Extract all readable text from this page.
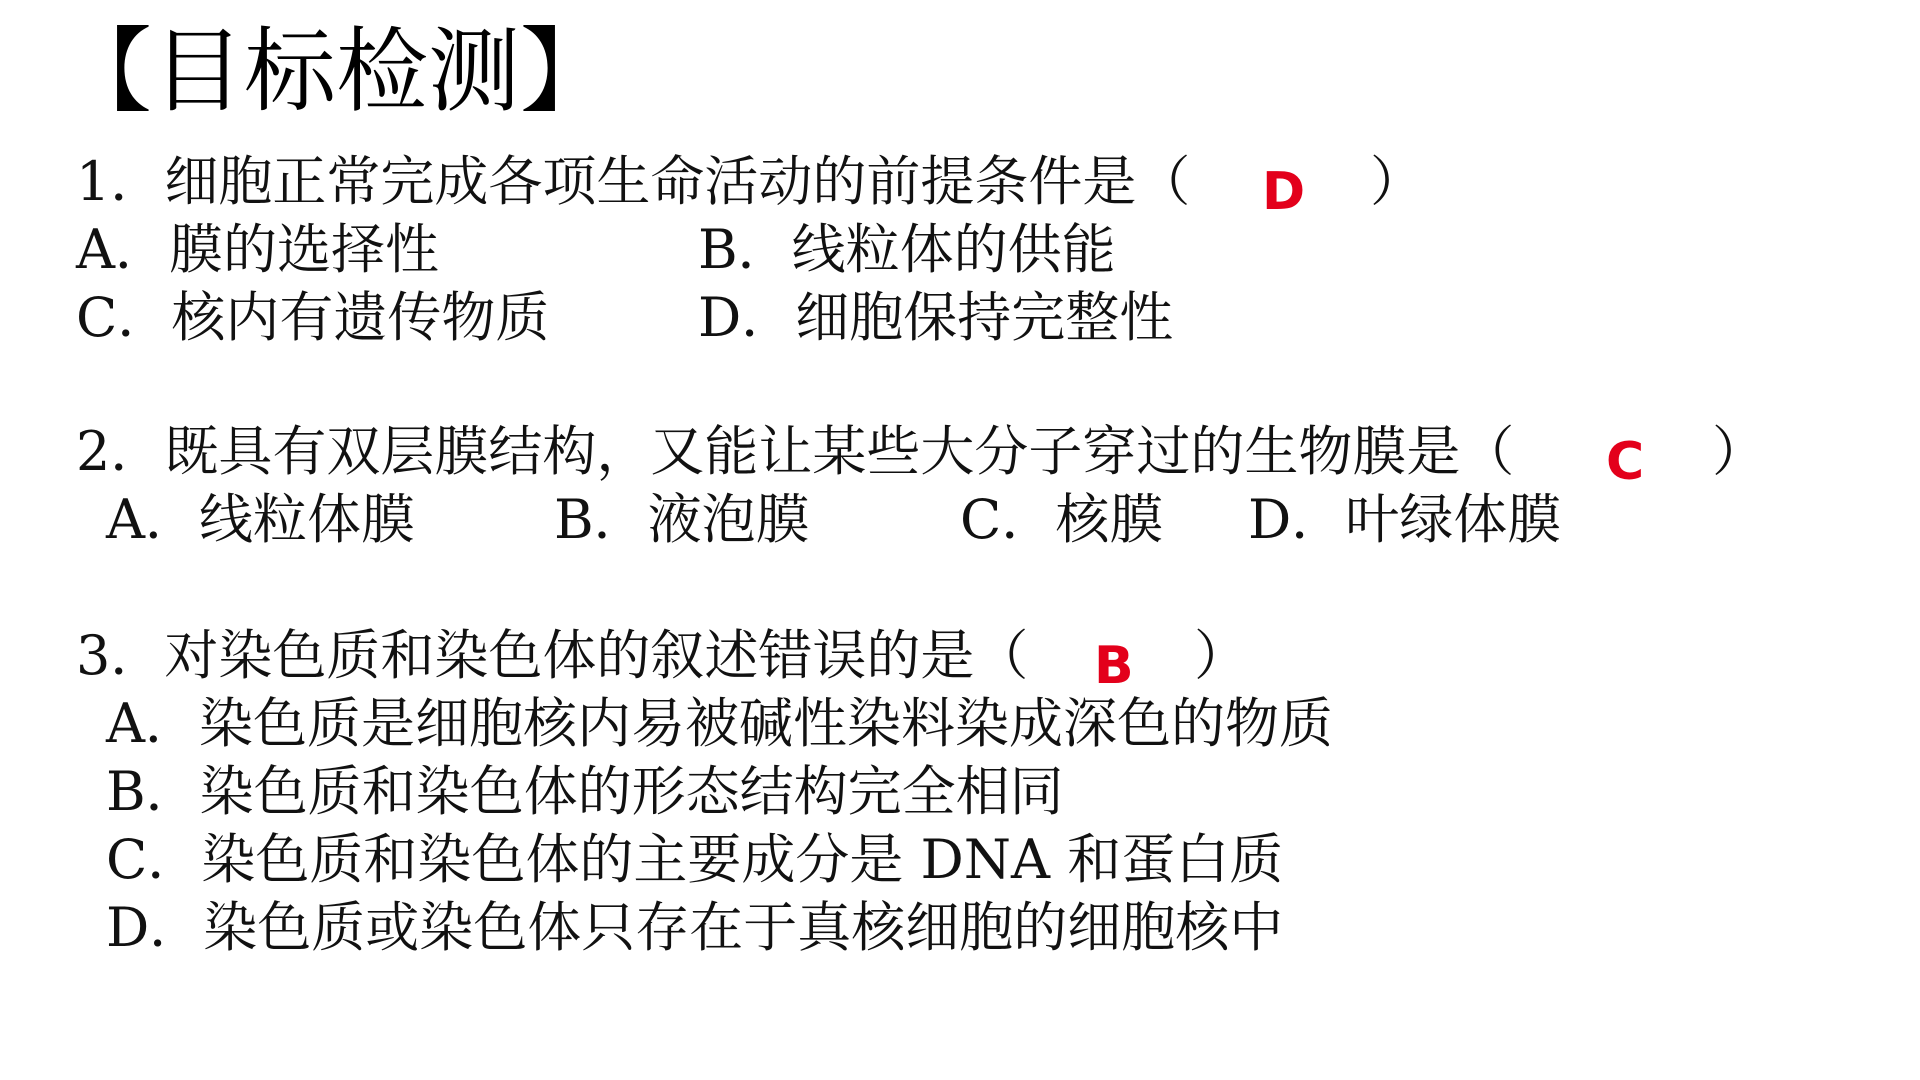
【目标检测】
1．细胞正常完成各项生命活动的前提条件是（ D ）
A．膜的选择性	B．线粒体的供能
C．核内有遗传物质	D．细胞保持完整性
2．既具有双层膜结构，又能让某些大分子穿过的生物膜是（ C ）
A．线粒体膜	B．液泡膜	C．核膜 D．叶绿体膜
3．对染色质和染色体的叙述错误的是（ B ）
A．染色质是细胞核内易被碱性染料染成深色的物质
B．染色质和染色体的形态结构完全相同
C．染色质和染色体的主要成分是 DNA 和蛋白质
D．染色质或染色体只存在于真核细胞的细胞核中
